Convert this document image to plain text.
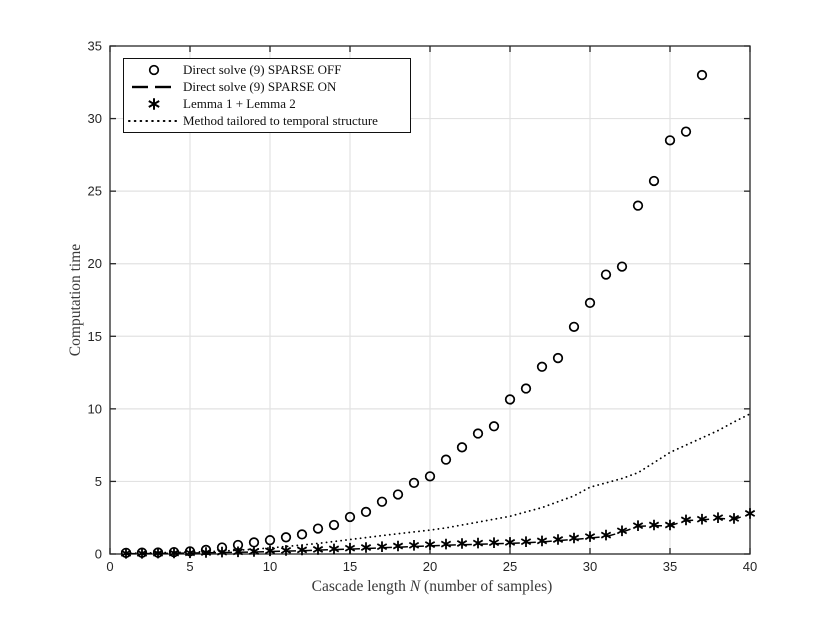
0	5	10	15	20	25	30	35	40
0
5
10
15
20
25
30
35
Direct solve (9) SPARSE OFF
Direct solve (9) SPARSE ON
Lemma 1 + Lemma 2
Method tailored to temporal structure
Computation time
Cascade length N (number of samples)
